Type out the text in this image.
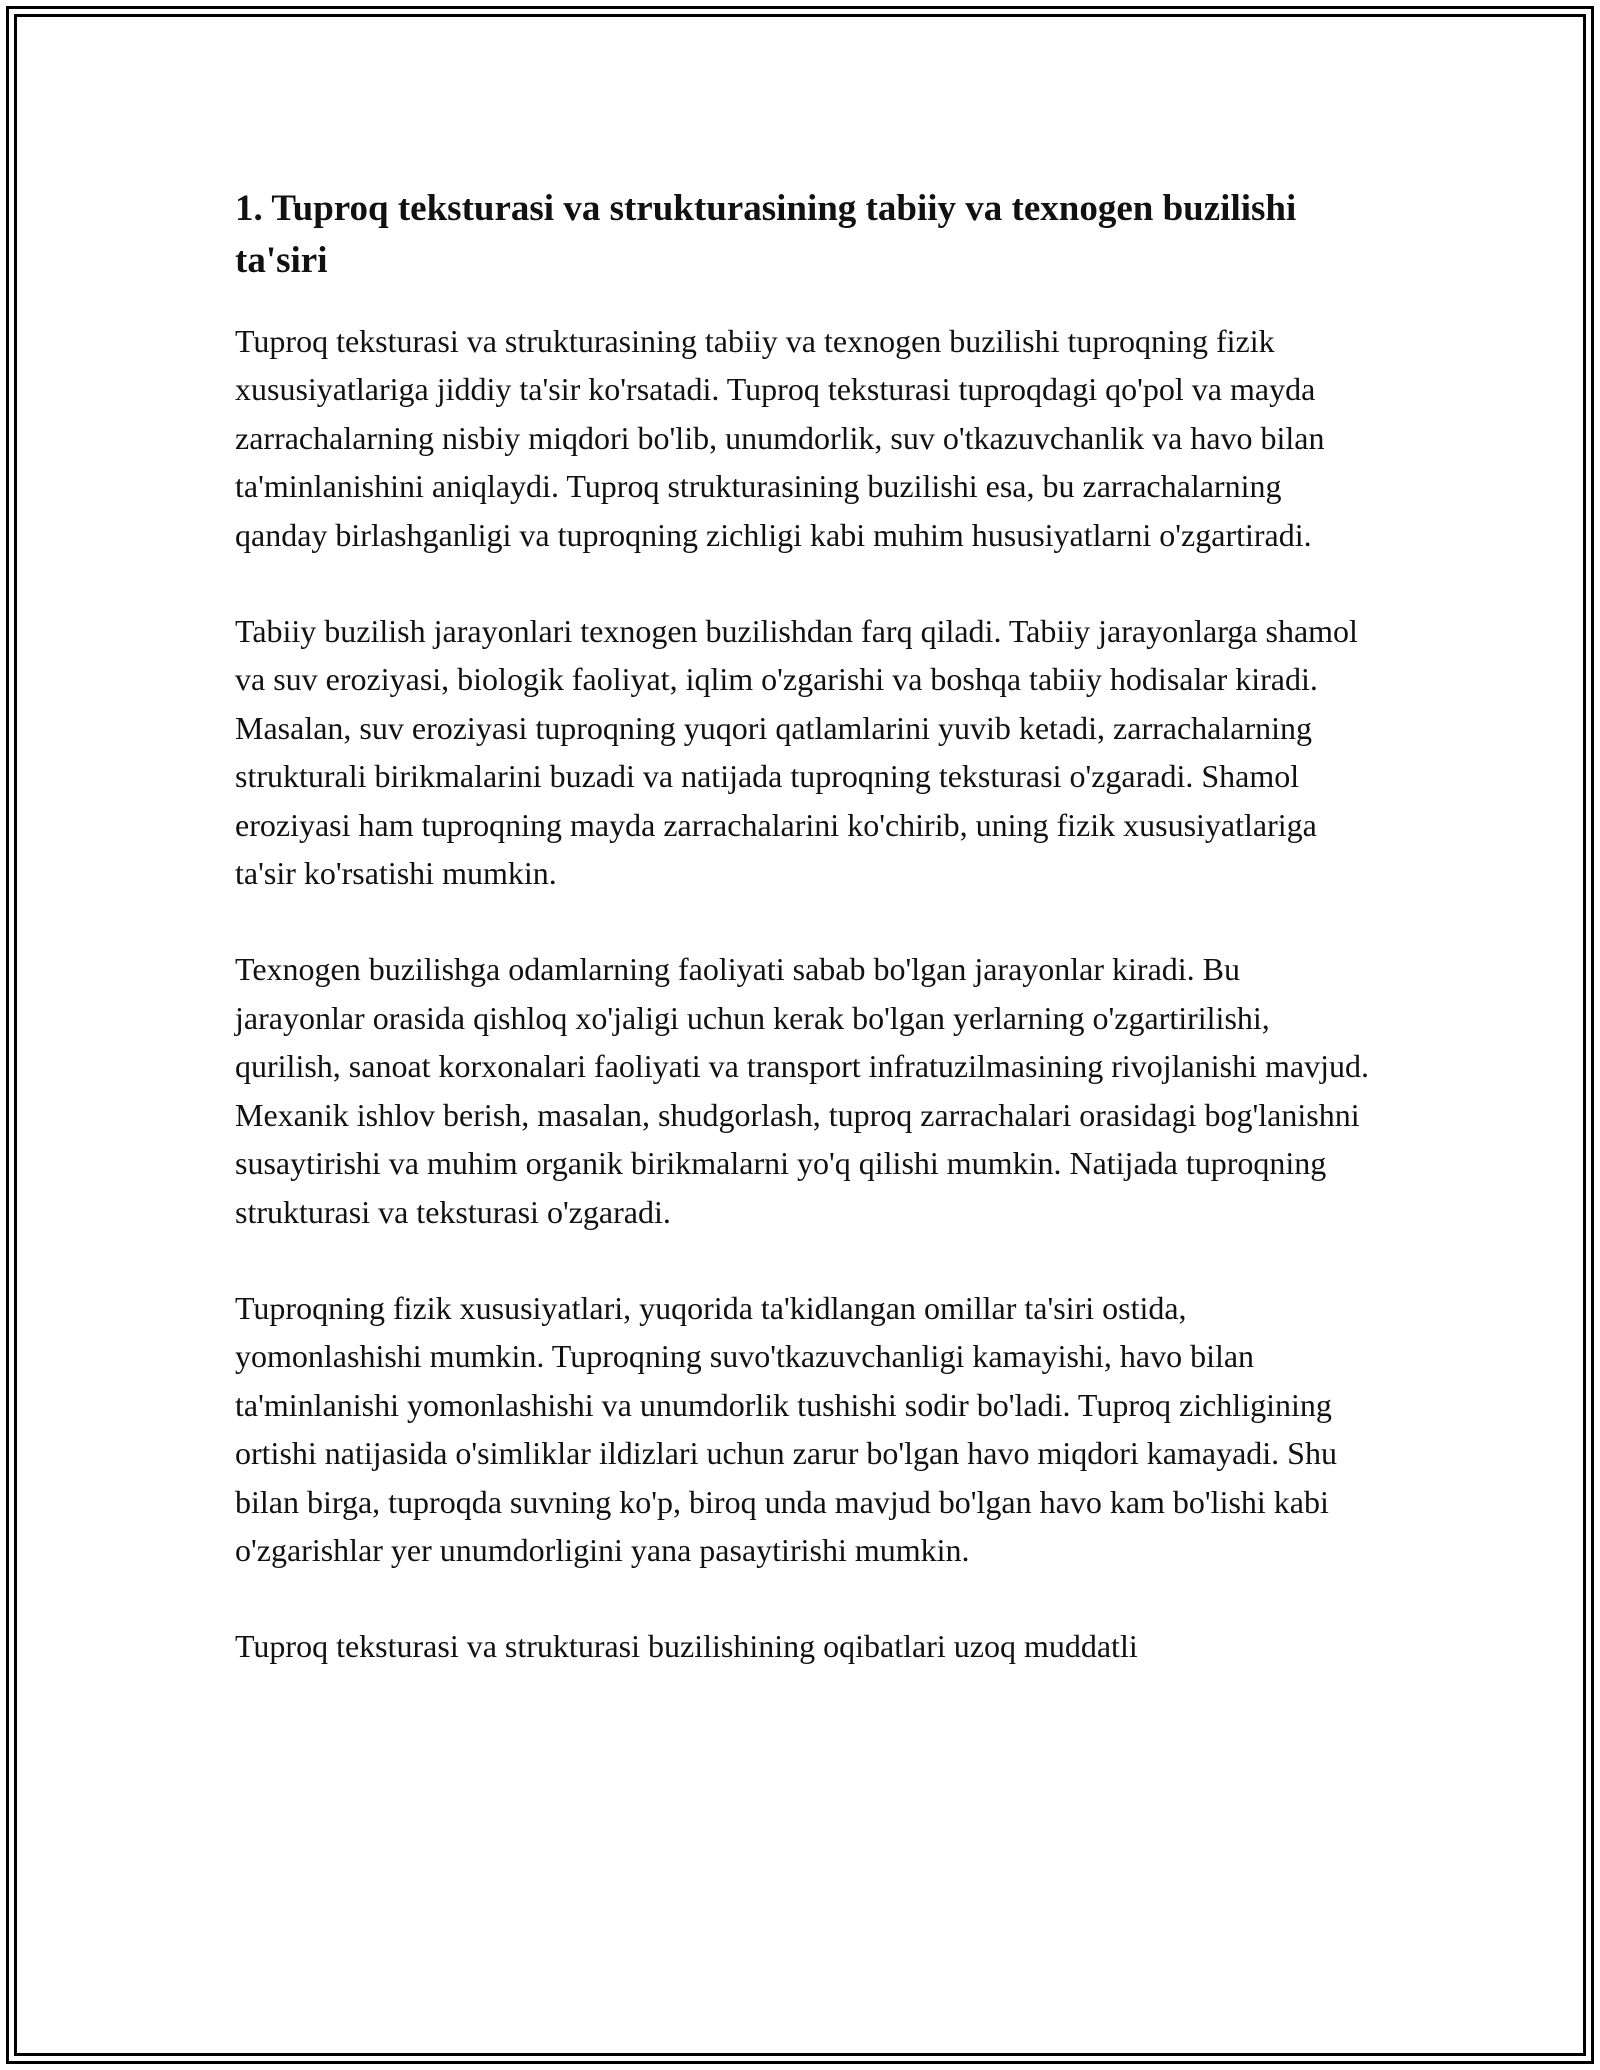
1. Tuproq teksturasi va strukturasining tabiiy va texnogen buzilishi ta'siri

Tuproq teksturasi va strukturasining tabiiy va texnogen buzilishi tuproqning fizik xususiyatlariga jiddiy ta'sir ko'rsatadi. Tuproq teksturasi tuproqdagi qo'pol va mayda zarrachalarning nisbiy miqdori bo'lib, unumdorlik, suv o'tkazuvchanlik va havo bilan ta'minlanishini aniqlaydi. Tuproq strukturasining buzilishi esa, bu zarrachalarning qanday birlashganligi va tuproqning zichligi kabi muhim hususiyatlarni o'zgartiradi.

Tabiiy buzilish jarayonlari texnogen buzilishdan farq qiladi. Tabiiy jarayonlarga shamol va suv eroziyasi, biologik faoliyat, iqlim o'zgarishi va boshqa tabiiy hodisalar kiradi. Masalan, suv eroziyasi tuproqning yuqori qatlamlarini yuvib ketadi, zarrachalarning strukturali birikmalarini buzadi va natijada tuproqning teksturasi o'zgaradi. Shamol eroziyasi ham tuproqning mayda zarrachalarini ko'chirib, uning fizik xususiyatlariga ta'sir ko'rsatishi mumkin.

Texnogen buzilishga odamlarning faoliyati sabab bo'lgan jarayonlar kiradi. Bu jarayonlar orasida qishloq xo'jaligi uchun kerak bo'lgan yerlarning o'zgartirilishi, qurilish, sanoat korxonalari faoliyati va transport infratuzilmasining rivojlanishi mavjud. Mexanik ishlov berish, masalan, shudgorlash, tuproq zarrachalari orasidagi bog'lanishni susaytirishi va muhim organik birikmalarni yo'q qilishi mumkin. Natijada tuproqning strukturasi va teksturasi o'zgaradi.

Tuproqning fizik xususiyatlari, yuqorida ta'kidlangan omillar ta'siri ostida, yomonlashishi mumkin. Tuproqning suvo'tkazuvchanligi kamayishi, havo bilan ta'minlanishi yomonlashishi va unumdorlik tushishi sodir bo'ladi. Tuproq zichligining ortishi natijasida o'simliklar ildizlari uchun zarur bo'lgan havo miqdori kamayadi. Shu bilan birga, tuproqda suvning ko'p, biroq unda mavjud bo'lgan havo kam bo'lishi kabi o'zgarishlar yer unumdorligini yana pasaytirishi mumkin.

Tuproq teksturasi va strukturasi buzilishining oqibatlari uzoq muddatli
